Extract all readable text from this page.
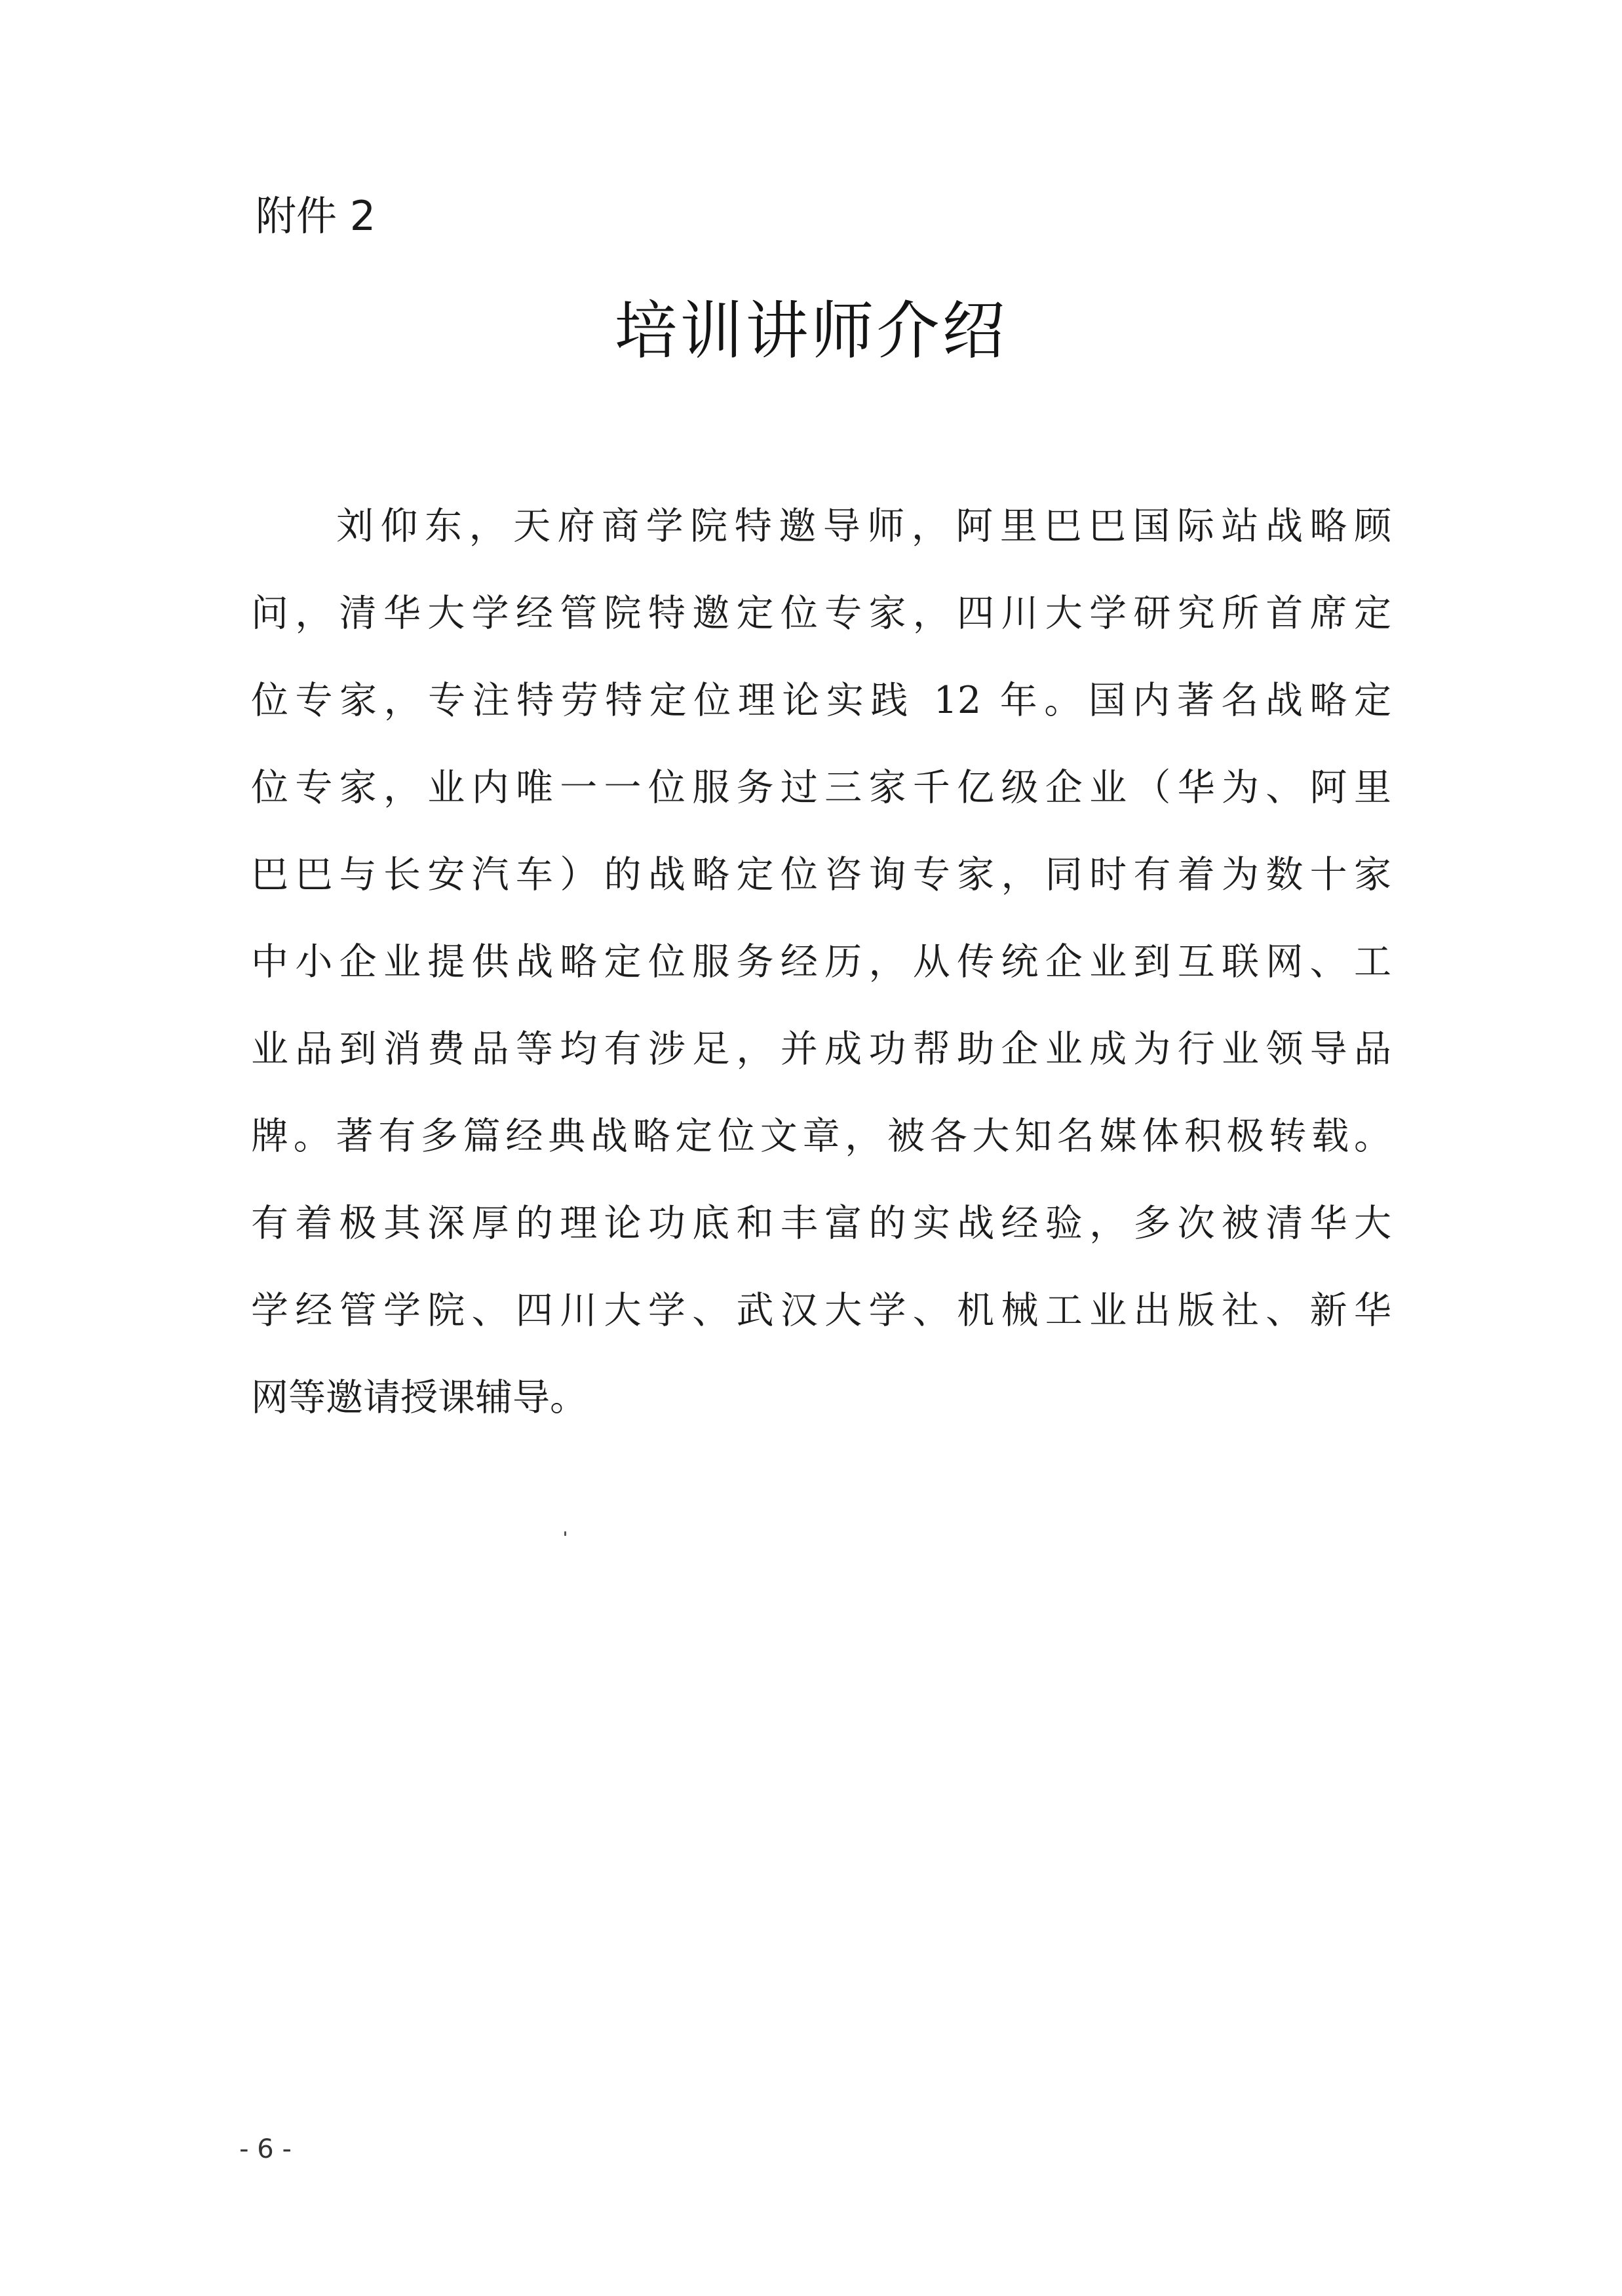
附件 2
培训讲师介绍
刘仰东，天府商学院特邀导师，阿里巴巴国际站战略顾
问，清华大学经管院特邀定位专家，四川大学研究所首席定
位专家，专注特劳特定位理论实践 12 年。国内著名战略定
位专家，业内唯一一位服务过三家千亿级企业（华为、阿里
巴巴与长安汽车）的战略定位咨询专家，同时有着为数十家
中小企业提供战略定位服务经历，从传统企业到互联网、工
业品到消费品等均有涉足，并成功帮助企业成为行业领导品
牌。著有多篇经典战略定位文章，被各大知名媒体积极转载。
有着极其深厚的理论功底和丰富的实战经验，多次被清华大
学经管学院、四川大学、武汉大学、机械工业出版社、新华
网等邀请授课辅导。
- 6 -
